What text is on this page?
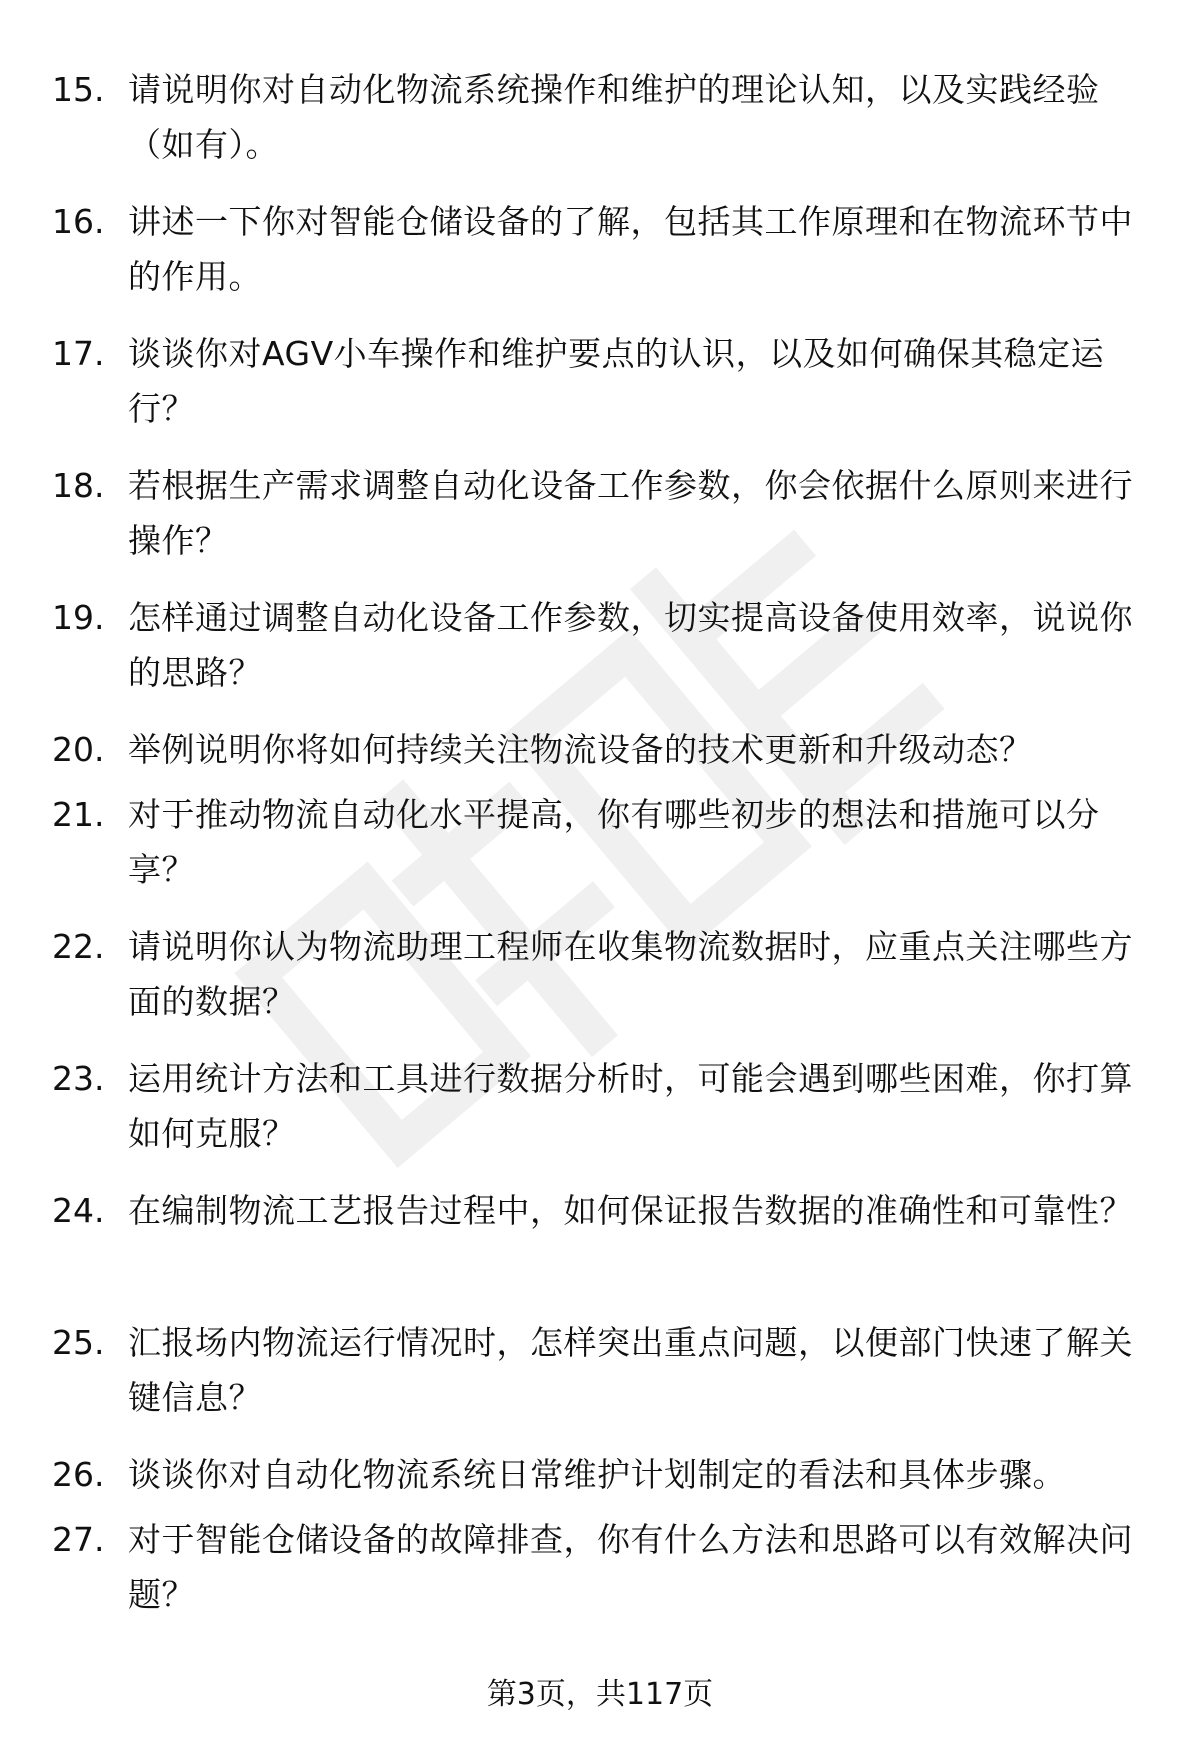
15. 请说明你对自动化物流系统操作和维护的理论认知，以及实践经验（如有）。
16. 讲述一下你对智能仓储设备的了解，包括其工作原理和在物流环节中的作用。
17. 谈谈你对AGV小车操作和维护要点的认识，以及如何确保其稳定运行？
18. 若根据生产需求调整自动化设备工作参数，你会依据什么原则来进行操作？
19. 怎样通过调整自动化设备工作参数，切实提高设备使用效率，说说你的思路？
20. 举例说明你将如何持续关注物流设备的技术更新和升级动态？
21. 对于推动物流自动化水平提高，你有哪些初步的想法和措施可以分享？
22. 请说明你认为物流助理工程师在收集物流数据时，应重点关注哪些方面的数据？
23. 运用统计方法和工具进行数据分析时，可能会遇到哪些困难，你打算如何克服？
24. 在编制物流工艺报告过程中，如何保证报告数据的准确性和可靠性？
25. 汇报场内物流运行情况时，怎样突出重点问题，以便部门快速了解关键信息？
26. 谈谈你对自动化物流系统日常维护计划制定的看法和具体步骤。
27. 对于智能仓储设备的故障排查，你有什么方法和思路可以有效解决问题？
第3页，共117页
